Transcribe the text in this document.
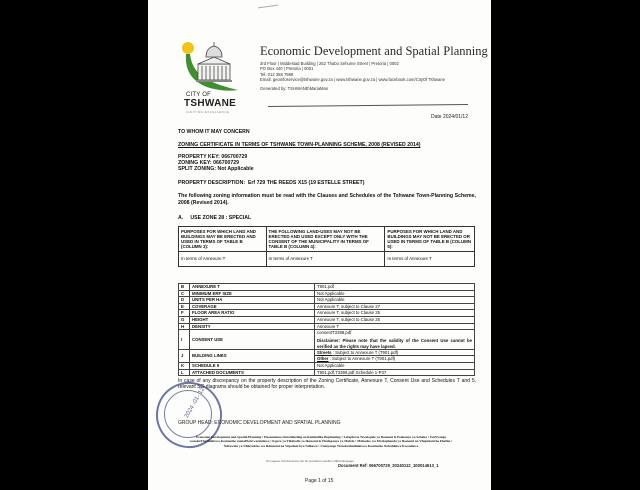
CITY OF
TSHWANE
IGNITING EXCELLENCE
Economic Development and Spatial Planning
3rd Floor | Middestad Building | 252 Thabo Sehume Street | Pretoria | 0002
PO Box 440 | Pretoria | 0001
Tel: 012 358 7988
Email: geoinfoservice@tshwane.gov.za | www.tshwane.gov.za | www.facebook.com/CityOf Tshwane
Generated by: TSHWANE\MariaMan
Date 2024/01/12
TO WHOM IT MAY CONCERN
ZONING CERTIFICATE IN TERMS OF TSHWANE TOWN-PLANNING SCHEME, 2008 (REVISED 2014)
PROPERTY KEY: 066700729
ZONING KEY: 066700729
SPLIT ZONING: Not Applicable
PROPERTY DESCRIPTION: Erf 729 THE REEDS X15 (19 ESTELLE STREET)
The following zoning information must be read with the Clauses and Schedules of the Tshwane Town-Planning Scheme, 2008 (Revised 2014).
A.     USE ZONE 28 : SPECIAL
PURPOSES FOR WHICH LAND AND BUILDINGS MAY BE ERECTED AND USED IN TERMS OF TABLE B (COLUMN 3):	THE FOLLOWING LAND-USES MAY NOT BE ERECTED AND USED EXCEPT ONLY WITH THE CONSENT OF THE MUNICIPALITY IN TERMS OF TABLE B (COLUMN 4):	PURPOSES FOR WHICH LAND AND BUILDINGS MAY NOT BE ERECTED OR USED IN TERMS OF TABLE B (COLUMN 5):
In terms of Annexure T	In terms of Annexure T	In terms of Annexure T
B	ANNEXURE T	T901.pdf
C	MINIMUM ERF SIZE	Not Applicable
D	UNITS PER HA	Not Applicable
E	COVERAGE	Annexure T, subject to Clause 27
F	FLOOR AREA RATIO	Annexure T, subject to Clause 25
G	HEIGHT	Annexure T, subject to Clause 25
H	DENSITY	Annexure T
I	CONSENT USE	consentT3398.pdf
Disclaimer: Please note that the validity of the Consent Use cannot be verified as the rights may have lapsed.

J	BUILDING LINES	Streets : Subject to Annexure T (T901.pdf)
		Other : Subject to Annexure T (T901.pdf)
K	SCHEDULE 5	Not Applicable
L	ATTACHED DOCUMENTS	T901.pdf,T3398.pdf,Schedule 1-P37
In case of any discrepancy on the property description of the Zoning Certificate, Annexure T, Consent Use and Schedules T and 5, relevant SG diagrams should be obtained for proper interpretation.
2024 -01- 12
GROUP HEAD: ECONOMIC DEVELOPMENT AND SPATIAL PLANNING
Economic Development and Spatial Planning • Ekonomiese Ontwikkeling en Ruimtelike Beplanning • Lefapha la Tswelopele ya Ikonomi le Peakanyo ya Sebaka • UmNyango wezokuThuthukiswa Komnotho namaPlani wezindawo • Kgoro ya Tihabollo ya Ikonomi le Thulaganyo ya Mafelo • Muhasho wa Mvelaphanda ya Ikonomi na Vhupulani ha Fhethu • Ndzawulo ya Nhluvukiso wa Ikhonomi na Vupulani bya Ndhawu • Umnyango Wezokuthuthukiswa Komnotho Nokuhlelwa Kwendawo
On request, this document can be provided in another official language
Document Ref: 066700729_20240112_100014613_1
Page 1 of 15
